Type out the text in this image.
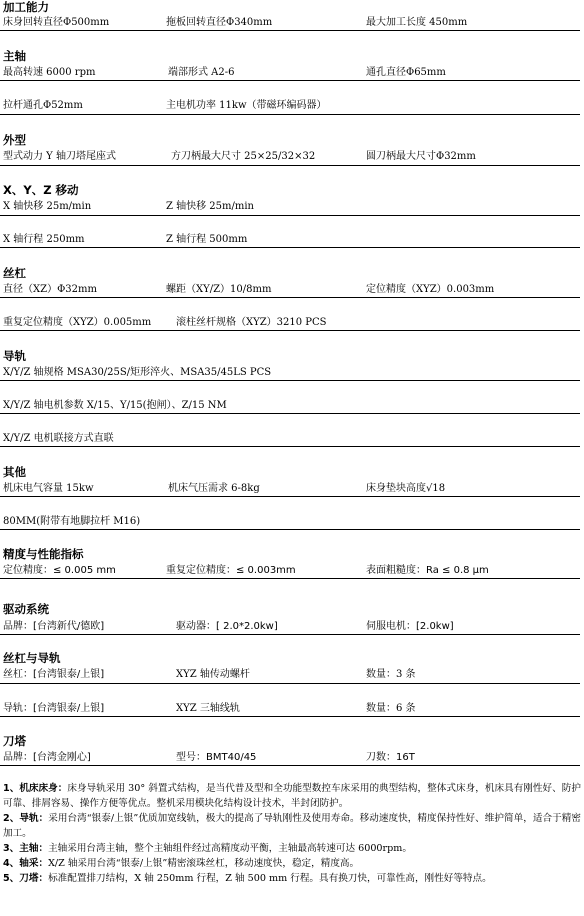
加工能力
床身回转直径Φ500mm	拖板回转直径Φ340mm	最大加工长度 450mm
主轴
最高转速 6000 rpm	端部形式 A2-6	通孔直径Φ65mm
拉杆通孔Φ52mm	主电机功率 11kw（带磁环编码器）
外型
型式动力 Y 轴刀塔尾座式	方刀柄最大尺寸 25×25/32×32	圆刀柄最大尺寸Φ32mm
X、Y、Z 移动
X 轴快移 25m/min	Z 轴快移 25m/min
X 轴行程 250mm	Z 轴行程 500mm
丝杠
直径（XZ）Φ32mm	螺距（XY/Z）10/8mm	定位精度（XYZ）0.003mm
重复定位精度（XYZ）0.005mm 滚柱丝杆规格（XYZ）3210 PCS
导轨
X/Y/Z 轴规格 MSA30/25S/矩形淬火、MSA35/45LS PCS
X/Y/Z 轴电机参数 X/15、Y/15(抱闸）、Z/15 NM
X/Y/Z 电机联接方式直联
其他
机床电气容量 15kw	机床气压需求 6-8kg	床身垫块高度√18
80MM(附带有地脚拉杆 M16)
精度与性能指标
定位精度：≤ 0.005 mm	重复定位精度：≤ 0.003mm	表面粗糙度：Ra ≤ 0.8 μm
驱动系统
品牌：[台湾新代/德欧]	驱动器：[ 2.0*2.0kw]	伺服电机：[2.0kw]
丝杠与导轨
丝杠：[台湾银泰/上银]	XYZ 轴传动螺杆	数量：3 条
导轨：[台湾银泰/上银]	XYZ 三轴线轨	数量：6 条
刀塔
品牌：[台湾金刚心]	型号：BMT40/45	刀数：16T
1、机床床身：床身导轨采用 30° 斜置式结构，是当代普及型和全功能型数控车床采用的典型结构，整体式床身，机床具有刚性好、防护可靠、排屑容易、操作方便等优点。整机采用模块化结构设计技术，半封闭防护。
2、导轨：采用台湾“银泰/上银”优质加宽线轨，极大的提高了导轨刚性及使用寿命。移动速度快，精度保持性好、维护简单，适合于精密加工。
3、主轴：主轴采用台湾主轴，整个主轴组件经过高精度动平衡，主轴最高转速可达 6000rpm。
4、轴采：X/Z 轴采用台湾“银泰/上银”精密滚珠丝杠，移动速度快，稳定，精度高。
5、刀塔：标准配置排刀结构，X 轴 250mm 行程，Z 轴 500 mm 行程。具有换刀快，可靠性高，刚性好等特点。
